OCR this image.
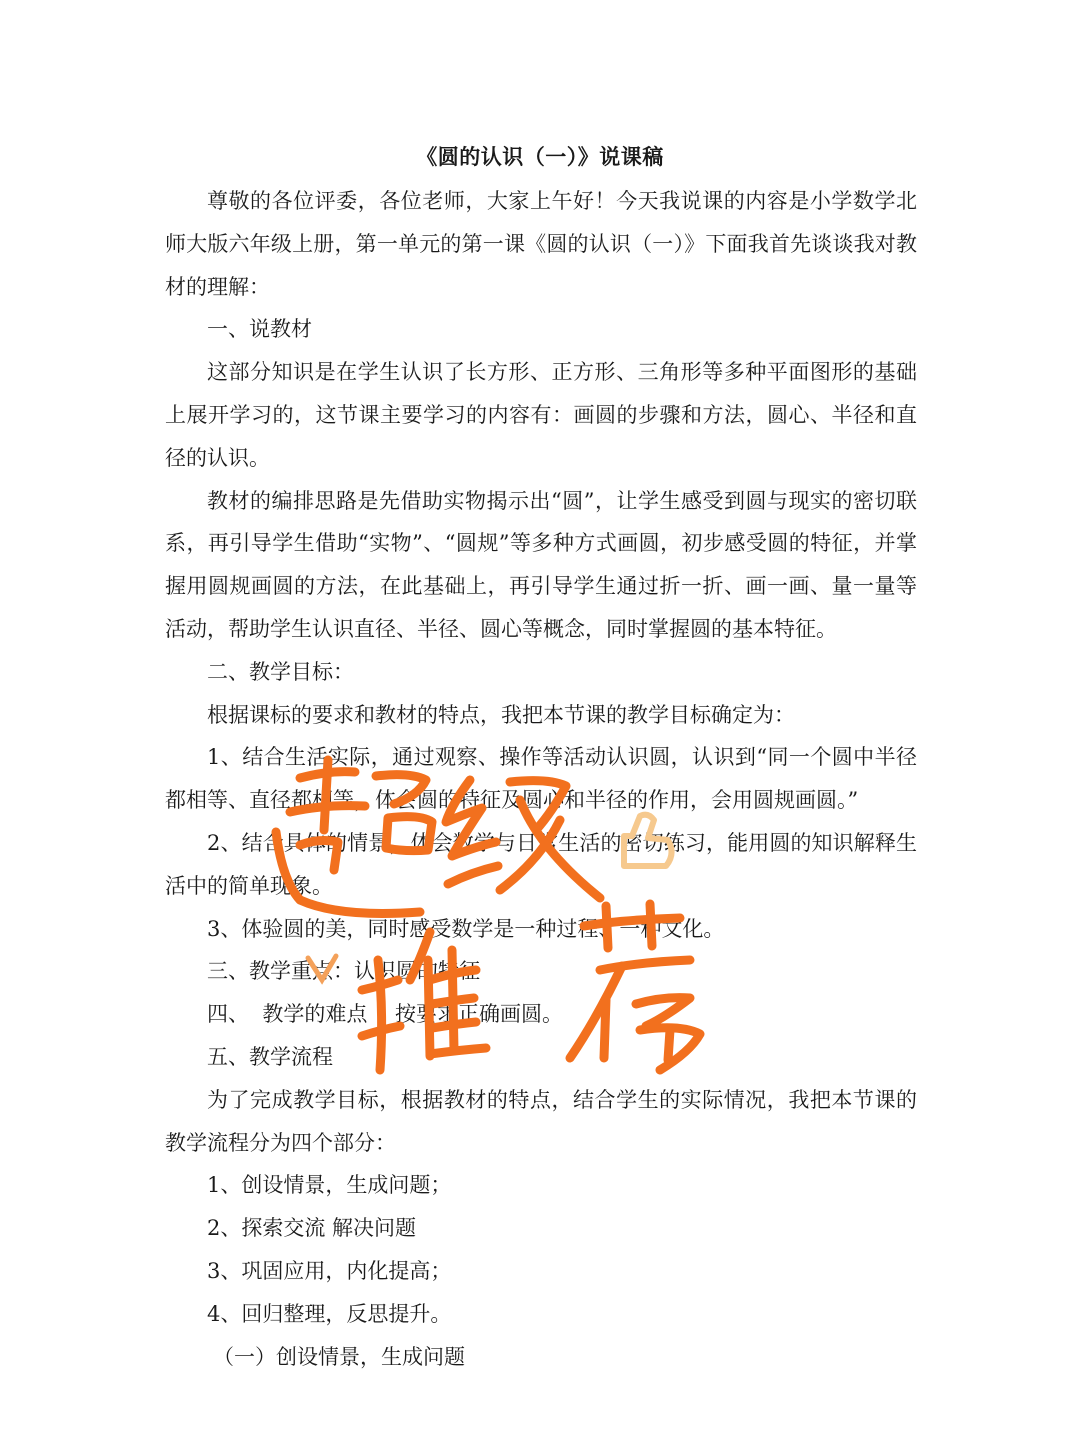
《圆的认识（一）》说课稿

尊敬的各位评委，各位老师，大家上午好！今天我说课的内容是小学数学北师大版六年级上册，第一单元的第一课《圆的认识（一）》下面我首先谈谈我对教材的理解：

一、说教材

这部分知识是在学生认识了长方形、正方形、三角形等多种平面图形的基础上展开学习的，这节课主要学习的内容有：画圆的步骤和方法，圆心、半径和直径的认识。

教材的编排思路是先借助实物揭示出“圆”，让学生感受到圆与现实的密切联系，再引导学生借助“实物”、“圆规”等多种方式画圆，初步感受圆的特征，并掌握用圆规画圆的方法，在此基础上，再引导学生通过折一折、画一画、量一量等活动，帮助学生认识直径、半径、圆心等概念，同时掌握圆的基本特征。

二、教学目标：

根据课标的要求和教材的特点，我把本节课的教学目标确定为：

1、结合生活实际，通过观察、操作等活动认识圆，认识到“同一个圆中半径都相等、直径都相等，体会圆的特征及圆心和半径的作用，会用圆规画圆。”

2、结合具体的情景，体会数学与日常生活的密切练习，能用圆的知识解释生活中的简单现象。

3、体验圆的美，同时感受数学是一种过程、一种文化。

三、教学重点：认识圆的特征

四、  教学的难点 ：按要求正确画圆。

五、教学流程

为了完成教学目标，根据教材的特点，结合学生的实际情况，我把本节课的教学流程分为四个部分：

1、创设情景，生成问题；

2、探索交流 解决问题

3、巩固应用，内化提高；

4、回归整理，反思提升。

（一）创设情景，生成问题
